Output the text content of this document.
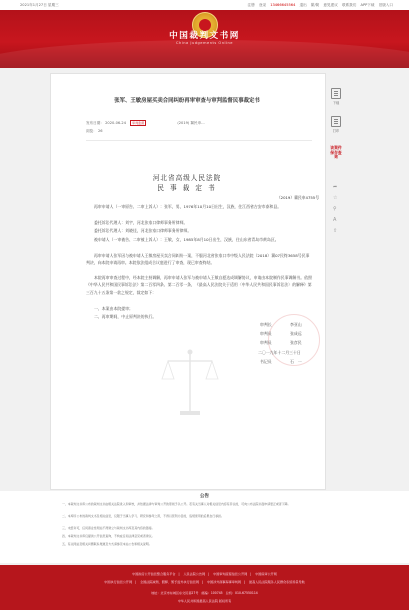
2021年1月27日 星期三	注册 登录 13466645564 退出 繁/简 意见建议 联系我们 APP下载 旧版入口
中国裁判文书网
China Judgements Online
张军、王敏房屋买卖合同纠纷再审审查与审判监督民事裁定书
发布日期： 2020-06-24 审判监督	(2019) 冀民申...
浏览： 26
河北省高级人民法院
民 事 裁 定 书
（2019）冀民申4755号

再审申请人（一审原告、二审上诉人）：张军，男，1976年10月10日出生，汉族，住江西省吉安市泰和县。

委托诉讼代理人：刘宇，河北张家口律师事务所律师。

委托诉讼代理人：刘晓佳，河北张家口律师事务所律师。

被申请人（一审被告、二审被上诉人）：王敏，女，1985年8月10日出生，汉族，住山东省青岛市黄岛区。

再审申请人张军因与被申请人王敏房屋买卖合同纠纷一案，不服河北省张家口市中级人民法院（2018）冀07民终3658号民事判决，向本院申请再审。本院依法组成合议庭进行了审查，现已审查终结。

本院再审审查过程中，经本院主持调解，再审申请人张军与被申请人王敏自愿达成调解协议，申请由本院制作民事调解书。依照《中华人民共和国民事诉讼法》第二百零四条、第二百零一条，《最高人民法院关于适用〈中华人民共和国民事诉讼法〉的解释》第三百九十五条第一款之规定，裁定如下：

一、本案由本院提审；

二、再审期间，中止原判决的执行。

审判长	李亚山
审判员	张成远
审判员	张彦民
二〇一九年十二月三十日
书记员	石　一
下载
打印
该案件保存查询
➦
☆
⚲
A
⇧
公告
一、本裁判文书库公布的裁判文书由相关法院录入和审核，并依据法律与审判公开的原则予以公开。若有关当事人对相关信息内容有异议的，可向公布法院书面申请更正或者下降。
二、本库所公布的裁判文书及相关信息，仅限于当事人学习、研究和参考之用，不得以营利为目的，违规使用的后果自行承担。
三、未经许可，任何商业性网站不得建立与裁判文书库及其内容的链接。
四、本裁判文书库仅提供公开信息查询，不构成任何法律意见或者建议。
五、有关网站及相关问题联系渠道及方式请参见本站公告和相关说明。
中国政府公开信息整合服务平台 | 人民法院公告网 | 中国审判流程信息公开网 | 中国庭审公开网
中国执行信息公开网 | 全国法院减刑、假释、暂予监外执行信息网 | 中国涉外商事海事审判网 | 最高人民法院服务人民群众系统场景导航
地址：北京市东城区东交民巷27号　邮编：100745　总机：010-67550114
中华人民共和国最高人民法院 版权所有
